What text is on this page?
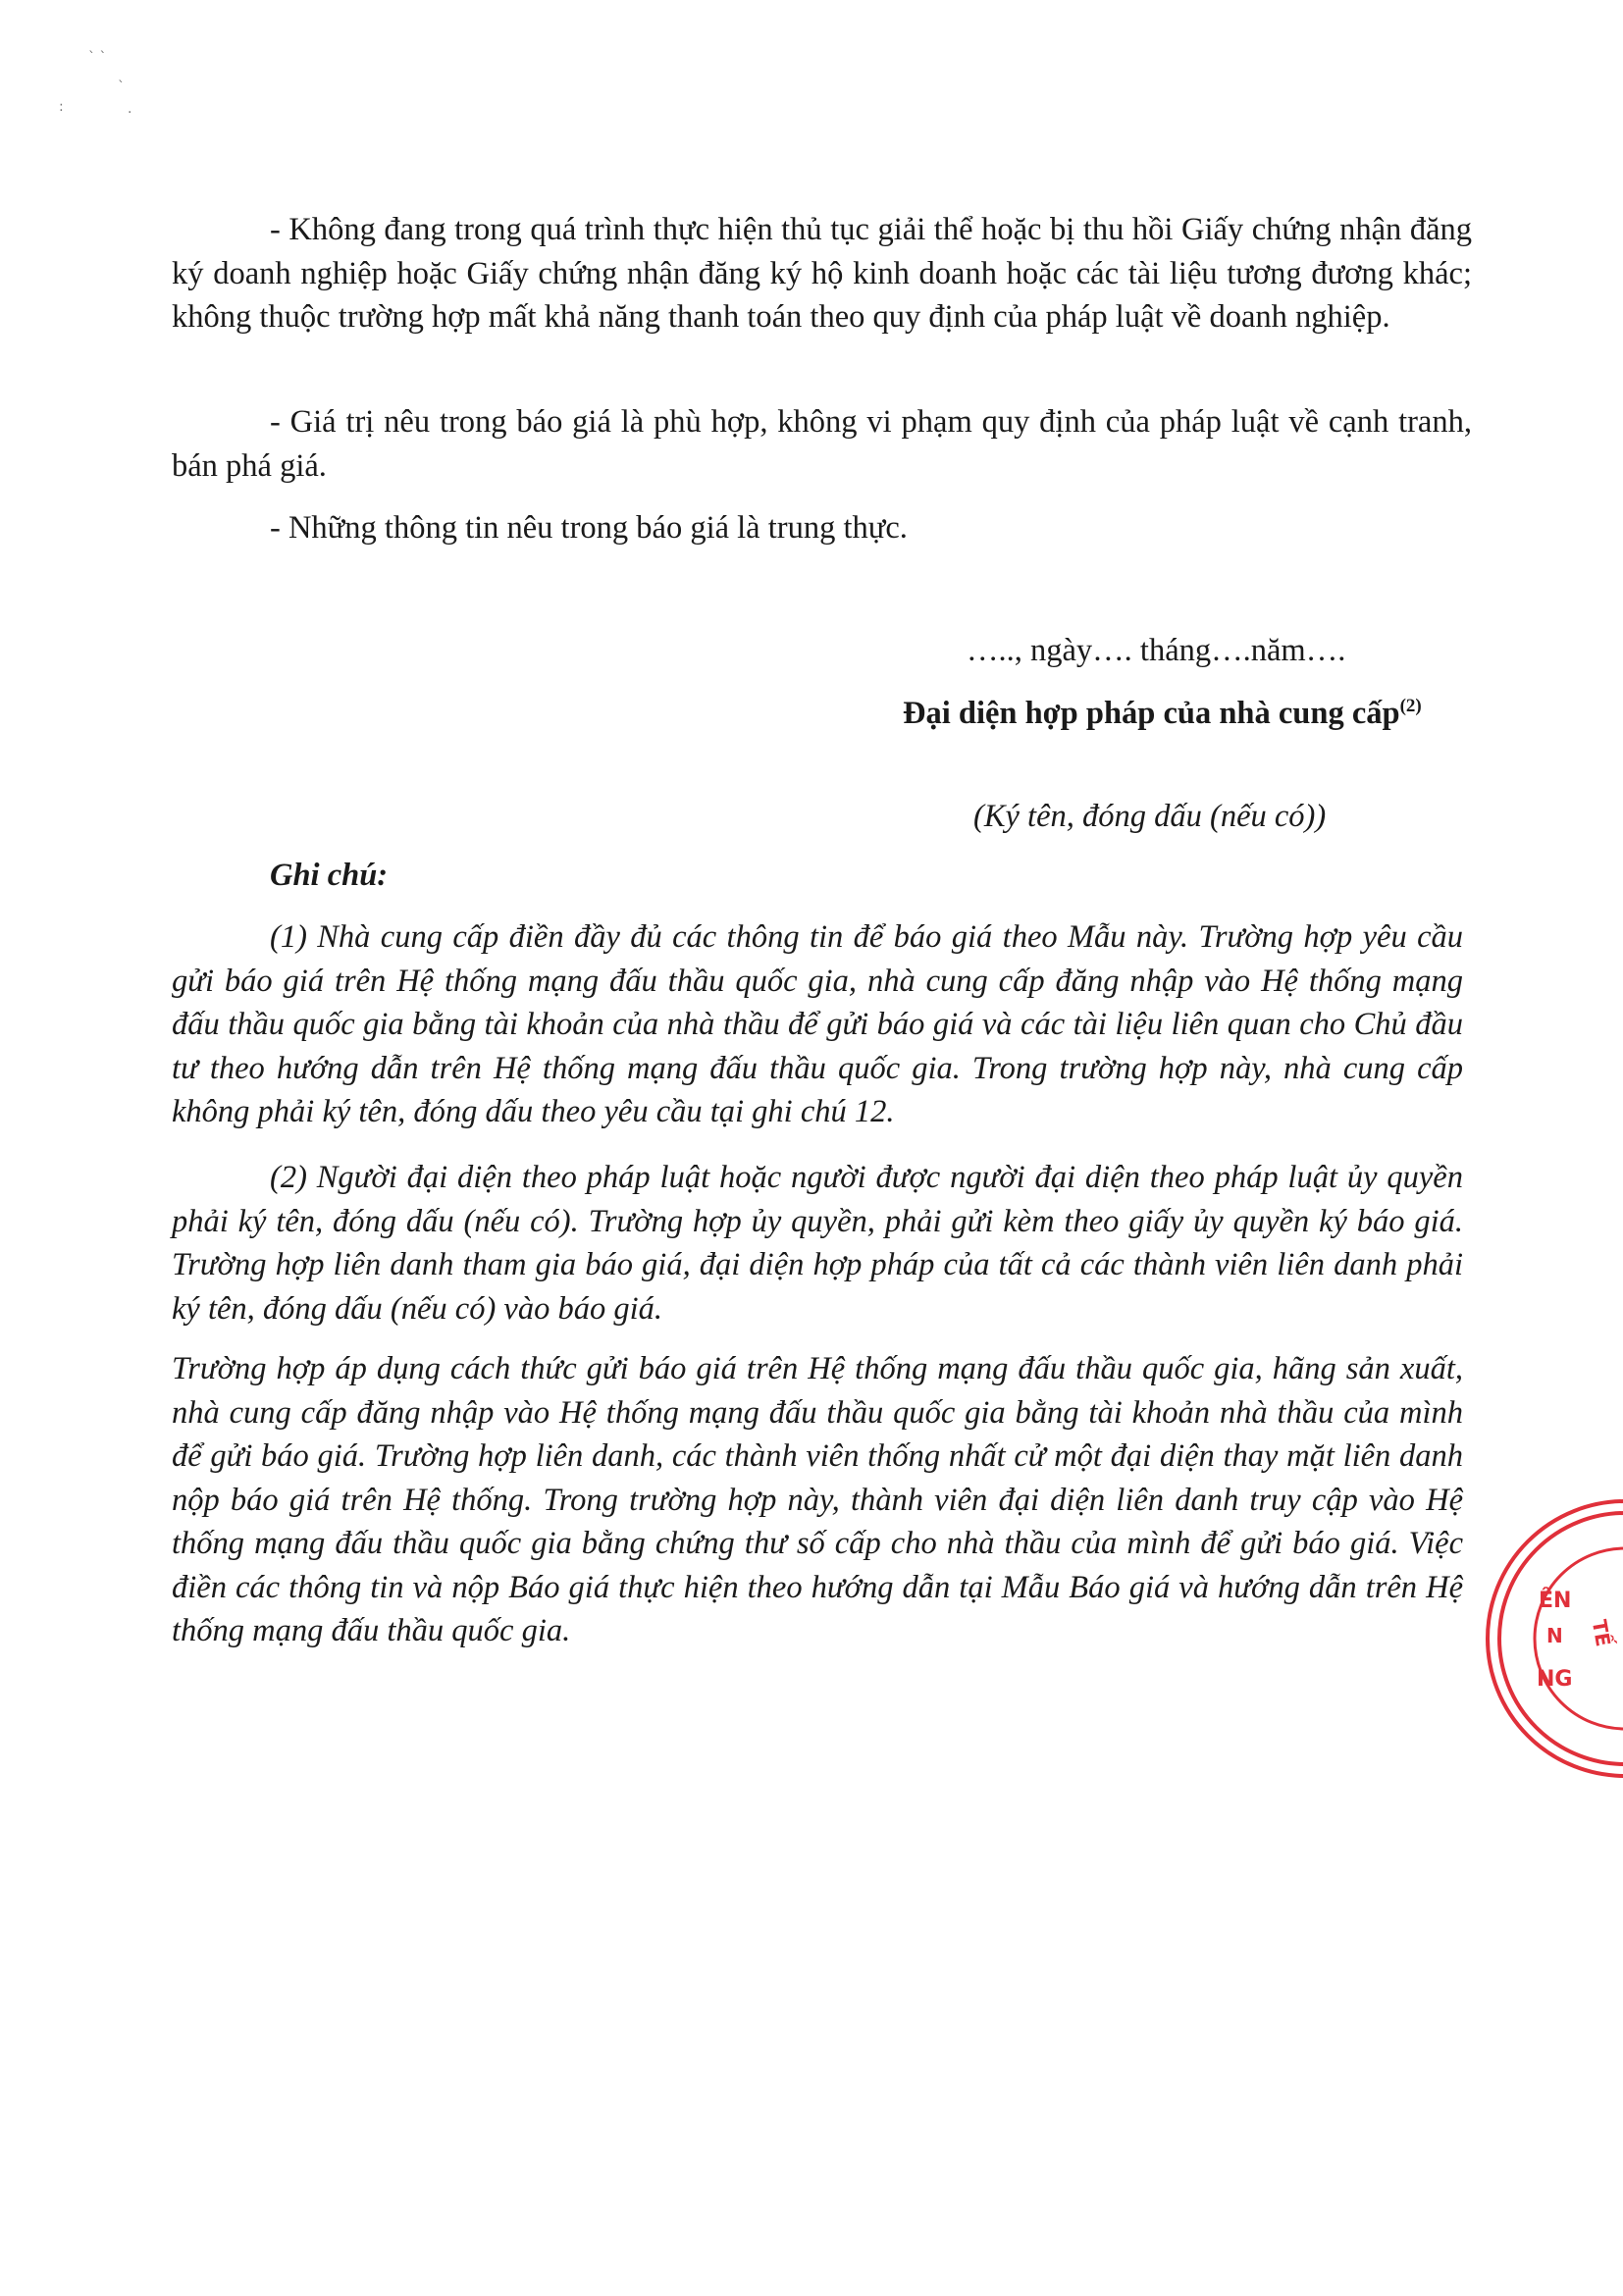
` `
:
`
.

- Không đang trong quá trình thực hiện thủ tục giải thể hoặc bị thu hồi Giấy chứng nhận đăng ký doanh nghiệp hoặc Giấy chứng nhận đăng ký hộ kinh doanh hoặc các tài liệu tương đương khác; không thuộc trường hợp mất khả năng thanh toán theo quy định của pháp luật về doanh nghiệp.

- Giá trị nêu trong báo giá là phù hợp, không vi phạm quy định của pháp luật về cạnh tranh, bán phá giá.

- Những thông tin nêu trong báo giá là trung thực.

….., ngày…. tháng….năm….
Đại diện hợp pháp của nhà cung cấp$^{(2)}$
(Ký tên, đóng dấu (nếu có))
Ghi chú:

(1) Nhà cung cấp điền đầy đủ các thông tin để báo giá theo Mẫu này. Trường hợp yêu cầu gửi báo giá trên Hệ thống mạng đấu thầu quốc gia, nhà cung cấp đăng nhập vào Hệ thống mạng đấu thầu quốc gia bằng tài khoản của nhà thầu để gửi báo giá và các tài liệu liên quan cho Chủ đầu tư theo hướng dẫn trên Hệ thống mạng đấu thầu quốc gia. Trong trường hợp này, nhà cung cấp không phải ký tên, đóng dấu theo yêu cầu tại ghi chú 12.

(2) Người đại diện theo pháp luật hoặc người được người đại diện theo pháp luật ủy quyền phải ký tên, đóng dấu (nếu có). Trường hợp ủy quyền, phải gửi kèm theo giấy ủy quyền ký báo giá. Trường hợp liên danh tham gia báo giá, đại diện hợp pháp của tất cả các thành viên liên danh phải ký tên, đóng dấu (nếu có) vào báo giá.

Trường hợp áp dụng cách thức gửi báo giá trên Hệ thống mạng đấu thầu quốc gia, hãng sản xuất, nhà cung cấp đăng nhập vào Hệ thống mạng đấu thầu quốc gia bằng tài khoản nhà thầu của mình để gửi báo giá. Trường hợp liên danh, các thành viên thống nhất cử một đại diện thay mặt liên danh nộp báo giá trên Hệ thống. Trong trường hợp này, thành viên đại diện liên danh truy cập vào Hệ thống mạng đấu thầu quốc gia bằng chứng thư số cấp cho nhà thầu của mình để gửi báo giá. Việc điền các thông tin và nộp Báo giá thực hiện theo hướng dẫn tại Mẫu Báo giá và hướng dẫn trên Hệ thống mạng đấu thầu quốc gia.

ÊN
N
NG
TẾ
